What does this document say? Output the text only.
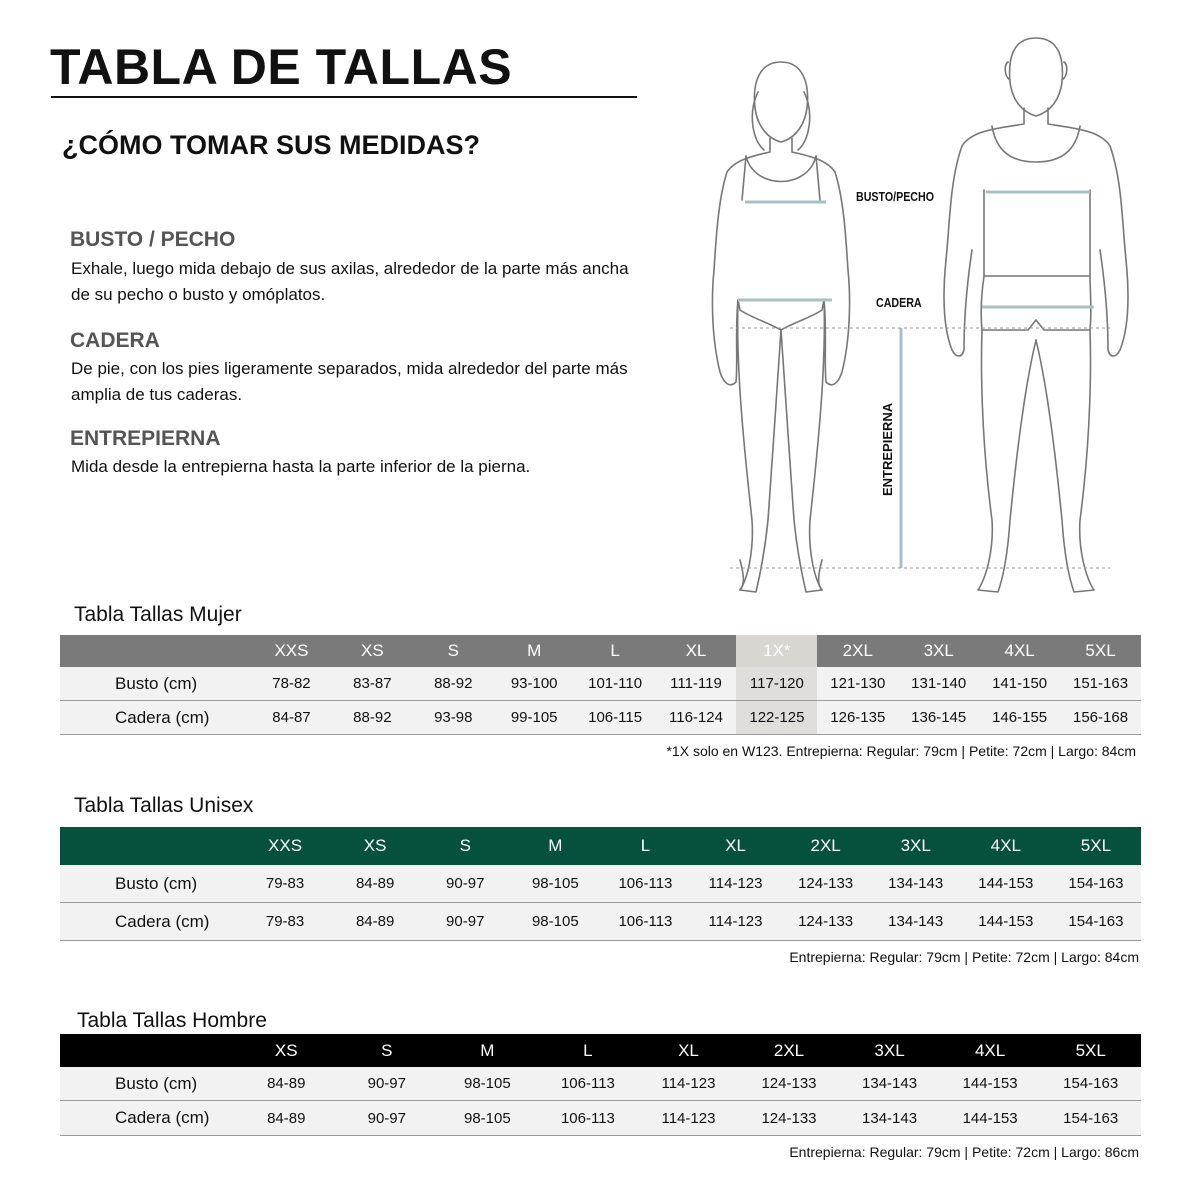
TABLA DE TALLAS
¿CÓMO TOMAR SUS MEDIDAS?
BUSTO / PECHO
Exhale, luego mida debajo de sus axilas, alrededor de la parte más ancha de su pecho o busto y omóplatos.
CADERA
De pie, con los pies ligeramente separados, mida alrededor del parte más amplia de tus caderas.
ENTREPIERNA
Mida desde la entrepierna hasta la parte inferior de la pierna.
BUSTO/PECHO
CADERA
ENTREPIERNA
Tabla Tallas Mujer
	XXS	XS	S	M	L	XL	1X*	2XL	3XL	4XL	5XL
Busto (cm)	78-82	83-87	88-92	93-100	101-110	111-119	117-120	121-130	131-140	141-150	151-163
Cadera (cm)	84-87	88-92	93-98	99-105	106-115	116-124	122-125	126-135	136-145	146-155	156-168
*1X solo en W123. Entrepierna: Regular: 79cm | Petite: 72cm | Largo: 84cm
Tabla Tallas Unisex
	XXS	XS	S	M	L	XL	2XL	3XL	4XL	5XL
Busto (cm)	79-83	84-89	90-97	98-105	106-113	114-123	124-133	134-143	144-153	154-163
Cadera (cm)	79-83	84-89	90-97	98-105	106-113	114-123	124-133	134-143	144-153	154-163
Entrepierna: Regular: 79cm | Petite: 72cm | Largo: 84cm
Tabla Tallas Hombre
	XS	S	M	L	XL	2XL	3XL	4XL	5XL
Busto (cm)	84-89	90-97	98-105	106-113	114-123	124-133	134-143	144-153	154-163
Cadera (cm)	84-89	90-97	98-105	106-113	114-123	124-133	134-143	144-153	154-163
Entrepierna: Regular: 79cm | Petite: 72cm | Largo: 86cm
